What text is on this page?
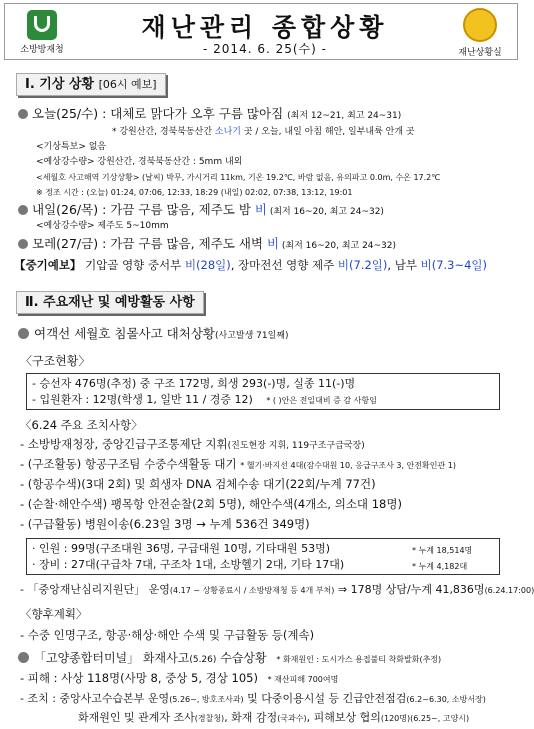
소방방재청
재난관리 종합상황
- 2014. 6. 25(수) -	재난상황실
Ⅰ. 기상 상황 [06시 예보]
오늘(25/수) : 대체로 맑다가 오후 구름 많아짐 (최저 12~21, 최고 24~31)
* 강원산간, 경북북동산간 소나기 곳 / 오늘, 내일 아침 해안, 일부내륙 안개 곳
<기상특보> 없음
<예상강수량> 강원산간, 경북북동산간 : 5mm 내외
<세월호 사고해역 기상상황> (날씨) 박무, 가시거리 11km, 기온 19.2℃, 바람 없음, 유의파고 0.0m, 수온 17.2℃
※ 정조 시간 : (오늘) 01:24, 07:06, 12:33, 18:29 (내일) 02:02, 07:38, 13:12, 19:01
내일(26/목) : 가끔 구름 많음, 제주도 밤 비 (최저 16~20, 최고 24~32)
<예상강수량> 제주도 5~10mm
모레(27/금) : 가끔 구름 많음, 제주도 새벽 비 (최저 16~20, 최고 24~32)
【중기예보】 기압골 영향 중서부 비(28일), 장마전선 영향 제주 비(7.2일), 남부 비(7.3~4일)
Ⅱ. 주요재난 및 예방활동 사항
여객선 세월호 침몰사고 대처상황(사고발생 71일째)
〈구조현황〉
- 승선자 476명(추정) 중 구조 172명, 희생 293(-)명, 실종 11(-)명
- 입원환자 : 12명(학생 1, 일반 11 / 경증 12) * ( )안은 전일대비 증 감 사항임
〈6.24 주요 조치사항〉
- 소방방재청장, 중앙긴급구조통제단 지휘(진도현장 지휘, 119구조구급국장)
- (구조활동) 항공구조팀 수중수색활동 대기 * 헬기·바지선 4대(잠수대원 10, 응급구조사 3, 안전확인관 1)
- (항공수색)(3대 2회) 및 희생자 DNA 검체수송 대기(22회/누계 77건)
- (순찰·해안수색) 팽목항 안전순찰(2회 5명), 해안수색(4개소, 의소대 18명)
- (구급활동) 병원이송(6.23일 3명 → 누계 536건 349명)
· 인원 : 99명(구조대원 36명, 구급대원 10명, 기타대원 53명)	* 누계 18,514명
· 장비 : 27대(구급차 7대, 구조차 1대, 소방헬기 2대, 기타 17대)	* 누계 4,182대
- 「중앙재난심리지원단」 운영(4.17 ~ 상황종료시 / 소방방재청 등 4개 부처) ⇒ 178명 상담/누계 41,836명(6.24.17:00)
〈향후계획〉
- 수중 인명구조, 항공·해상·해안 수색 및 구급활동 등(계속)
「고양종합터미널」 화재사고(5.26) 수습상황 * 화재원인 : 도시가스 용접불티 착화발화(추정)
- 피해 : 사상 118명(사망 8, 중상 5, 경상 105) * 재산피해 700여명
- 조치 : 중앙사고수습본부 운영(5.26~, 방호조사과) 및 다중이용시설 등 긴급안전점검(6.2~6.30, 소방서장)
화재원인 및 관계자 조사(경찰청), 화재 감정(국과수), 피해보상 협의(120명)(6.25~, 고양시)
